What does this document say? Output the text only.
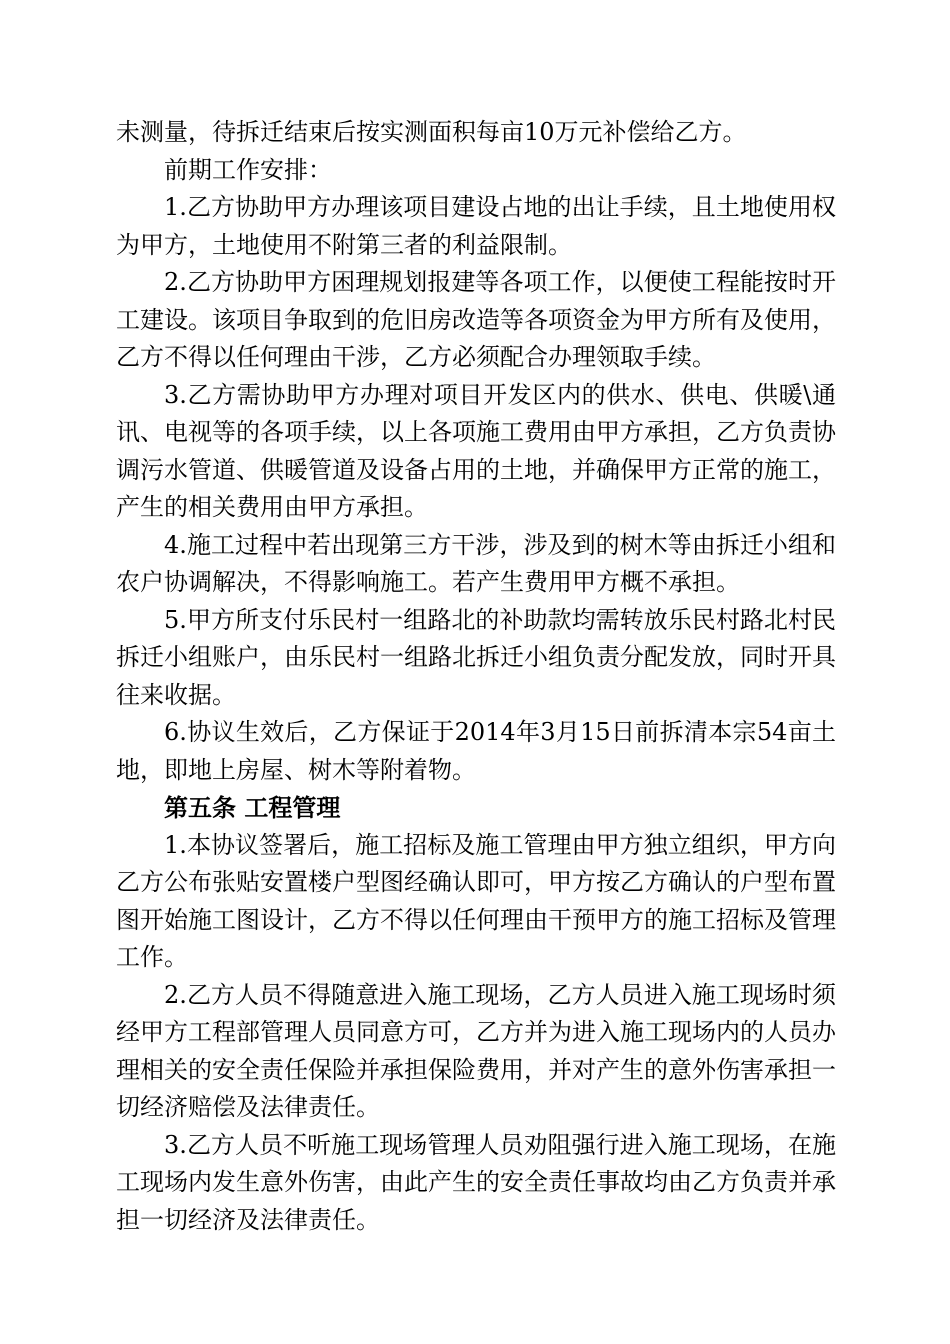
未测量，待拆迁结束后按实测面积每亩10万元补偿给乙方。

前期工作安排：

1.乙方协助甲方办理该项目建设占地的出让手续，且土地使用权为甲方，土地使用不附第三者的利益限制。

2.乙方协助甲方困理规划报建等各项工作，以便使工程能按时开工建设。该项目争取到的危旧房改造等各项资金为甲方所有及使用，乙方不得以任何理由干涉，乙方必须配合办理领取手续。

3.乙方需协助甲方办理对项目开发区内的供水、供电、供暖\通讯、电视等的各项手续，以上各项施工费用由甲方承担，乙方负责协调污水管道、供暖管道及设备占用的土地，并确保甲方正常的施工，产生的相关费用由甲方承担。

4.施工过程中若出现第三方干涉，涉及到的树木等由拆迁小组和农户协调解决，不得影响施工。若产生费用甲方概不承担。

5.甲方所支付乐民村一组路北的补助款均需转放乐民村路北村民拆迁小组账户，由乐民村一组路北拆迁小组负责分配发放，同时开具往来收据。

6.协议生效后，乙方保证于2014年3月15日前拆清本宗54亩土地，即地上房屋、树木等附着物。

第五条 工程管理

1.本协议签署后，施工招标及施工管理由甲方独立组织，甲方向乙方公布张贴安置楼户型图经确认即可，甲方按乙方确认的户型布置图开始施工图设计，乙方不得以任何理由干预甲方的施工招标及管理工作。

2.乙方人员不得随意进入施工现场，乙方人员进入施工现场时须经甲方工程部管理人员同意方可，乙方并为进入施工现场内的人员办理相关的安全责任保险并承担保险费用，并对产生的意外伤害承担一切经济赔偿及法律责任。

3.乙方人员不听施工现场管理人员劝阻强行进入施工现场，在施工现场内发生意外伤害，由此产生的安全责任事故均由乙方负责并承担一切经济及法律责任。
